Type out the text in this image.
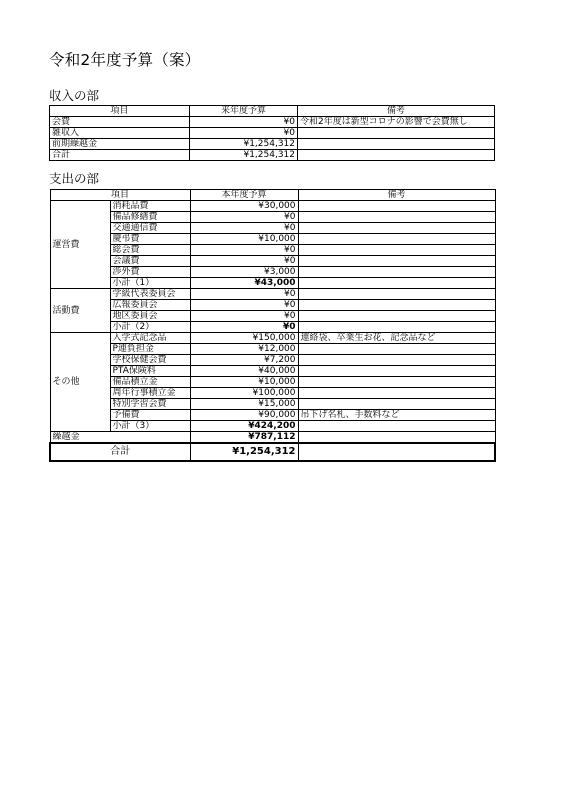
令和2年度予算（案）
収入の部
項目	来年度予算	備考
会費	¥0	令和2年度は新型コロナの影響で会費無し
雑収入	¥0	
前期繰越金	¥1,254,312	
合計	¥1,254,312	
支出の部
項目		本年度予算	備考
運営費	消耗品費	¥30,000	
	備品修繕費	¥0	
	交通通信費	¥0	
	慶弔費	¥10,000	
	総会費	¥0	
	会議費	¥0	
	渉外費	¥3,000	
	小計（1）	¥43,000	
活動費	学級代表委員会	¥0	
	広報委員会	¥0	
	地区委員会	¥0	
	小計（2）	¥0	
その他	入学式記念品	¥150,000	連絡袋、卒業生お花、記念品など
	P連負担金	¥12,000	
	学校保健会費	¥7,200	
	PTA保険料	¥40,000	
	備品積立金	¥10,000	
	周年行事積立金	¥100,000	
	特別学習会費	¥15,000	
	予備費	¥90,000	吊下げ名札、手数料など
	小計（3）	¥424,200	
繰越金		¥787,112	
合計		¥1,254,312	
